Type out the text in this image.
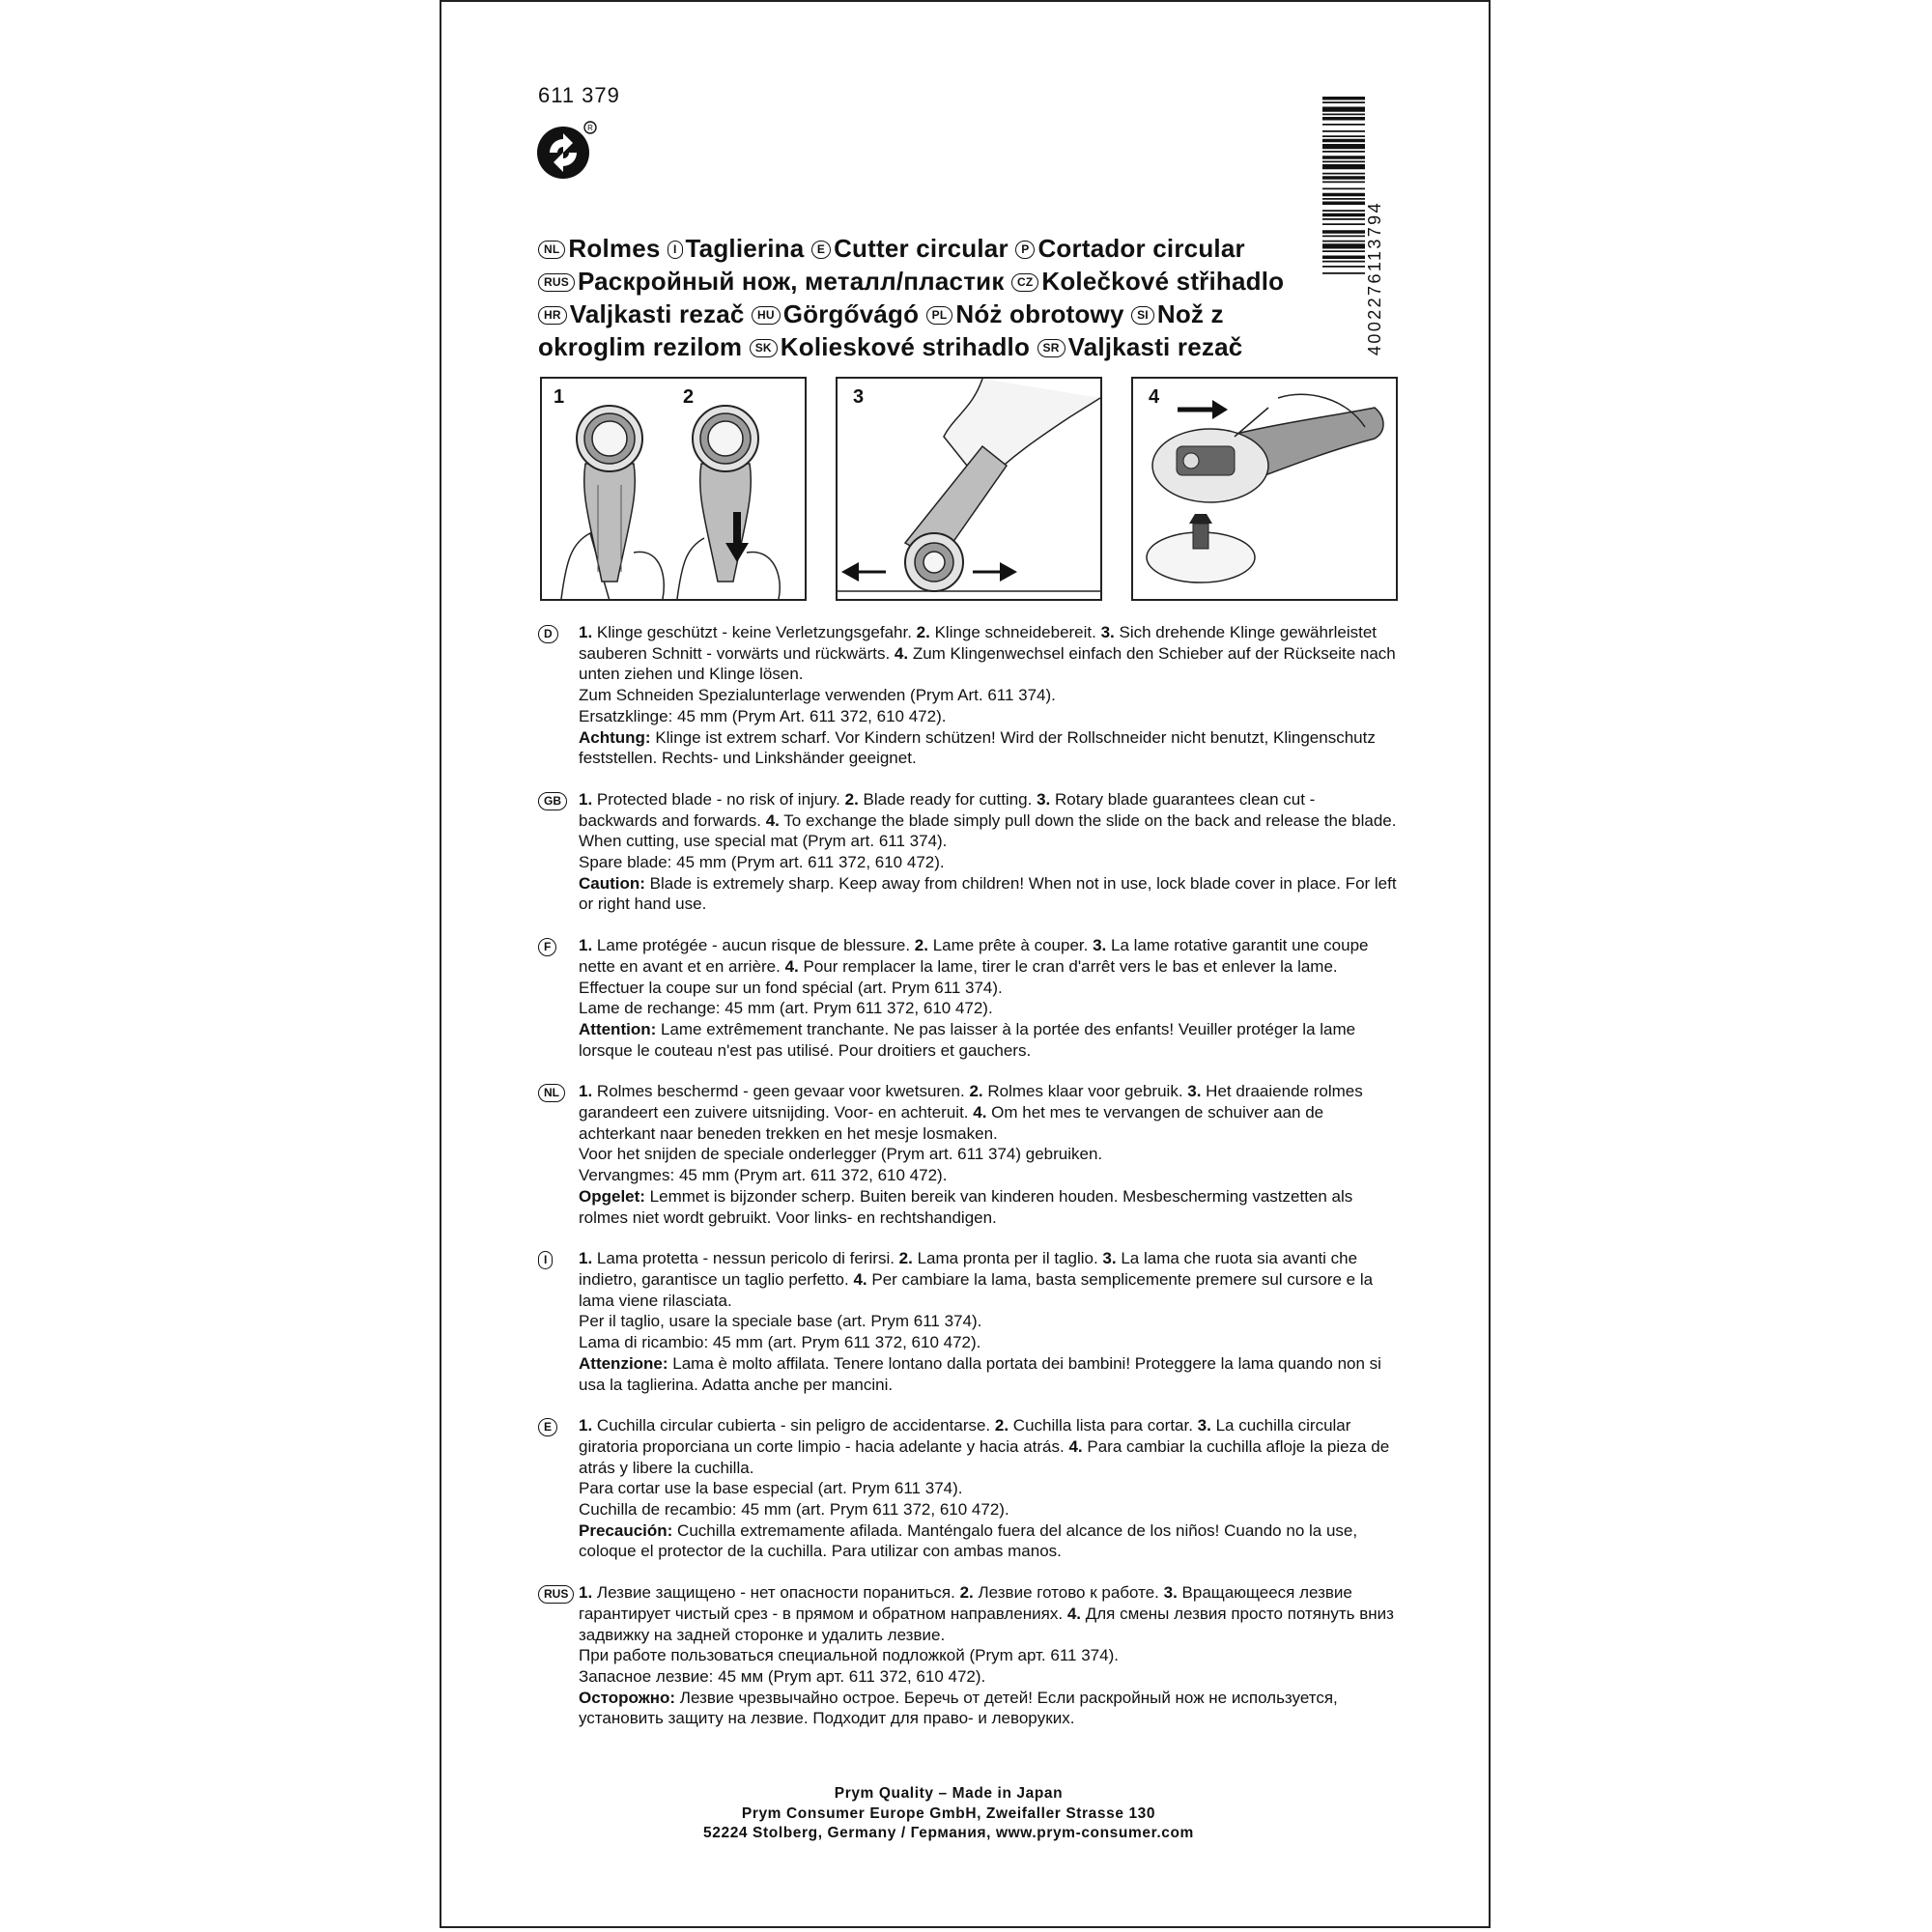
611 379
R
4002276113794
NL Rolmes I Taglierina E Cutter circular P Cortador circular
RUS Раскройный нож, металл/пластик CZ Kolečkové střihadlo
HR Valjkasti rezač HU Görgővágó PL Nóż obrotowy SI Nož z okroglim rezilom SK Kolieskové strihadlo SR Valjkasti rezač
1	2	3	4
D	1. Klinge geschützt - keine Verletzungsgefahr. 2. Klinge schneidebereit. 3. Sich drehende Klinge gewährleistet sauberen Schnitt - vorwärts und rückwärts. 4. Zum Klingenwechsel einfach den Schieber auf der Rückseite nach unten ziehen und Klinge lösen.

Zum Schneiden Spezialunterlage verwenden (Prym Art. 611 374).

Ersatzklinge: 45 mm (Prym Art. 611 372, 610 472).

Achtung: Klinge ist extrem scharf. Vor Kindern schützen! Wird der Rollschneider nicht benutzt, Klingenschutz feststellen. Rechts- und Linkshänder geeignet.

GB	1. Protected blade - no risk of injury. 2. Blade ready for cutting. 3. Rotary blade guarantees clean cut - backwards and forwards. 4. To exchange the blade simply pull down the slide on the back and release the blade.

When cutting, use special mat (Prym art. 611 374).

Spare blade: 45 mm (Prym art. 611 372, 610 472).

Caution: Blade is extremely sharp. Keep away from children! When not in use, lock blade cover in place. For left or right hand use.

F	1. Lame protégée - aucun risque de blessure. 2. Lame prête à couper. 3. La lame rotative garantit une coupe nette en avant et en arrière. 4. Pour remplacer la lame, tirer le cran d'arrêt vers le bas et enlever la lame.

Effectuer la coupe sur un fond spécial (art. Prym 611 374).

Lame de rechange: 45 mm (art. Prym 611 372, 610 472).

Attention: Lame extrêmement tranchante. Ne pas laisser à la portée des enfants! Veuiller protéger la lame lorsque le couteau n'est pas utilisé. Pour droitiers et gauchers.

NL	1. Rolmes beschermd - geen gevaar voor kwetsuren. 2. Rolmes klaar voor gebruik. 3. Het draaiende rolmes garandeert een zuivere uitsnijding. Voor- en achteruit. 4. Om het mes te vervangen de schuiver aan de achterkant naar beneden trekken en het mesje losmaken.

Voor het snijden de speciale onderlegger (Prym art. 611 374) gebruiken.

Vervangmes: 45 mm (Prym art. 611 372, 610 472).

Opgelet: Lemmet is bijzonder scherp. Buiten bereik van kinderen houden. Mesbescherming vastzetten als rolmes niet wordt gebruikt. Voor links- en rechtshandigen.

I	1. Lama protetta - nessun pericolo di ferirsi. 2. Lama pronta per il taglio. 3. La lama che ruota sia avanti che indietro, garantisce un taglio perfetto. 4. Per cambiare la lama, basta semplicemente premere sul cursore e la lama viene rilasciata.

Per il taglio, usare la speciale base (art. Prym 611 374).

Lama di ricambio: 45 mm (art. Prym 611 372, 610 472).

Attenzione: Lama è molto affilata. Tenere lontano dalla portata dei bambini! Proteggere la lama quando non si usa la taglierina. Adatta anche per mancini.

E	1. Cuchilla circular cubierta - sin peligro de accidentarse. 2. Cuchilla lista para cortar. 3. La cuchilla circular giratoria proporciana un corte limpio - hacia adelante y hacia atrás. 4. Para cambiar la cuchilla afloje la pieza de atrás y libere la cuchilla.

Para cortar use la base especial (art. Prym 611 374).

Cuchilla de recambio: 45 mm (art. Prym 611 372, 610 472).

Precaución: Cuchilla extremamente afilada. Manténgalo fuera del alcance de los niños! Cuando no la use, coloque el protector de la cuchilla. Para utilizar con ambas manos.

RUS 1. Лезвие защищено - нет опасности пораниться. 2. Лезвие готово к работе. 3. Вращающееся лезвие гарантирует чистый срез - в прямом и обратном направлениях. 4. Для смены лезвия просто потянуть вниз задвижку на задней сторонке и удалить лезвие.

При работе пользоваться специальной подложкой (Prym арт. 611 374).

Запасное лезвие: 45 мм (Prym арт. 611 372, 610 472).

Осторожно: Лезвие чрезвычайно острое. Беречь от детей! Если раскройный нож не используется, установить защиту на лезвие. Подходит для право- и левоpуких.

Prym Quality – Made in Japan
Prym Consumer Europe GmbH, Zweifaller Strasse 130
52224 Stolberg, Germany / Германия, www.prym-consumer.com
